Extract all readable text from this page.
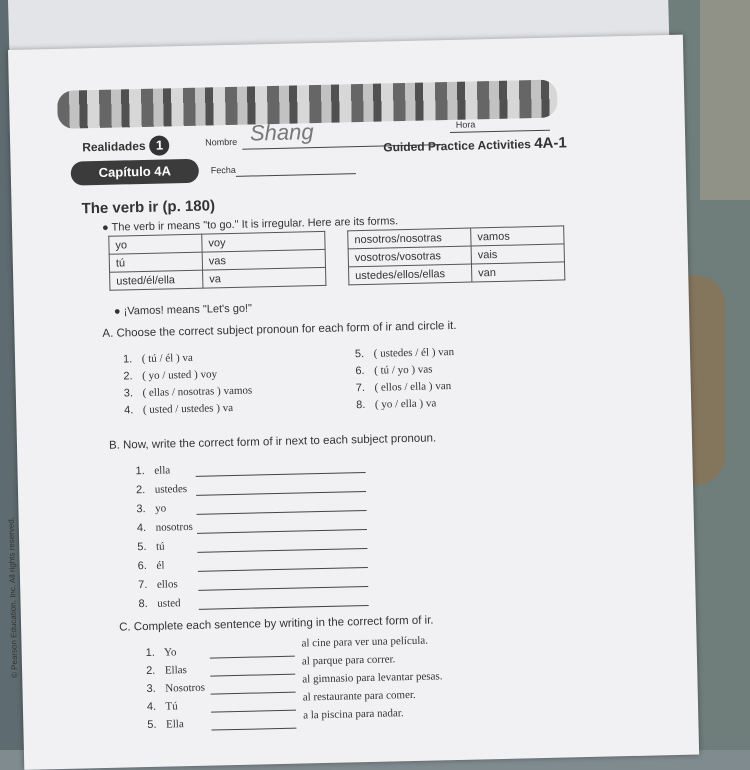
Realidades 1	Nombre Shang	Hora
Capítulo 4A	Fecha
Guided Practice Activities 4A-1
The verb ir (p. 180)
● The verb ir means "to go." It is irregular. Here are its forms.
yo	voy		nosotros/nosotras	vamos
tú	vas		vosotros/vosotras	vais
usted/él/ella	va		ustedes/ellos/ellas	van
● ¡Vamos! means "Let's go!"
A. Choose the correct subject pronoun for each form of ir and circle it.
1. ( tú / él ) va
2. ( yo / usted ) voy
3. ( ellas / nosotras ) vamos
4. ( usted / ustedes ) va
5. ( ustedes / él ) van
6. ( tú / yo ) vas
7. ( ellos / ella ) van
8. ( yo / ella ) va
B. Now, write the correct form of ir next to each subject pronoun.
1. ella
2. ustedes
3. yo
4. nosotros
5. tú
6. él
7. ellos
8. usted
C. Complete each sentence by writing in the correct form of ir.
1. Yo
al cine para ver una película.
2. Ellas
al parque para correr.
3. Nosotros
al gimnasio para levantar pesas.
4. Tú
al restaurante para comer.
5. Ella
a la piscina para nadar.
© Pearson Education, Inc. All rights reserved.
